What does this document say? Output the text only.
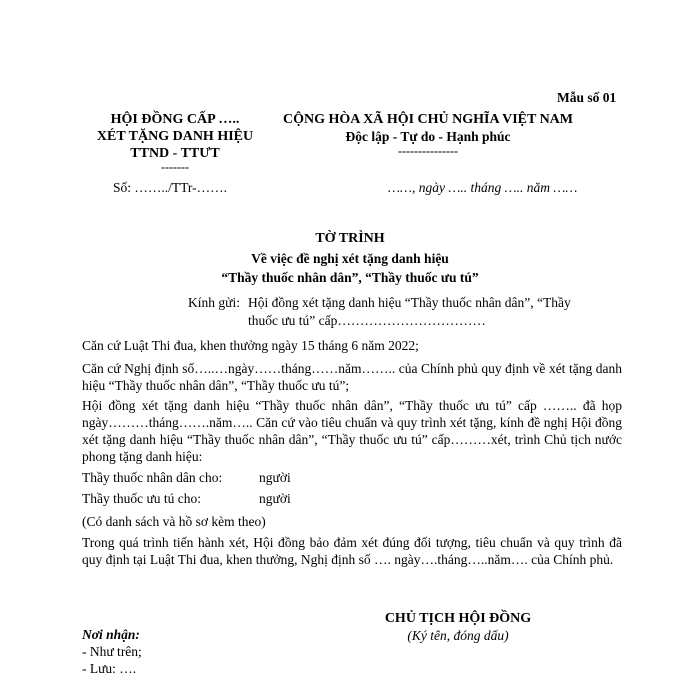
Mẫu số 01
HỘI ĐỒNG CẤP …..
XÉT TẶNG DANH HIỆU
TTND - TTƯT
-------
CỘNG HÒA XÃ HỘI CHỦ NGHĨA VIỆT NAM
Độc lập - Tự do - Hạnh phúc
---------------
Số: ……../TTr-…….	……, ngày ….. tháng ….. năm ……
TỜ TRÌNH
Về việc đề nghị xét tặng danh hiệu
“Thầy thuốc nhân dân”, “Thầy thuốc ưu tú”
Kính gửi: Hội đồng xét tặng danh hiệu “Thầy thuốc nhân dân”, “Thầy
thuốc ưu tú” cấp……………………………
Căn cứ Luật Thi đua, khen thưởng ngày 15 tháng 6 năm 2022;
Căn cứ Nghị định số…..…ngày……tháng……năm…….. của Chính phủ quy định về xét tặng danh hiệu “Thầy thuốc nhân dân”, “Thầy thuốc ưu tú”;
Hội đồng xét tặng danh hiệu “Thầy thuốc nhân dân”, “Thầy thuốc ưu tú” cấp …….. đã họp ngày………tháng…….năm….. Căn cứ vào tiêu chuẩn và quy trình xét tặng, kính đề nghị Hội đồng xét tặng danh hiệu “Thầy thuốc nhân dân”, “Thầy thuốc ưu tú” cấp………xét, trình Chủ tịch nước phong tặng danh hiệu:
Thầy thuốc nhân dân cho:	người
Thầy thuốc ưu tú cho:	người
(Có danh sách và hồ sơ kèm theo)
Trong quá trình tiến hành xét, Hội đồng bảo đảm xét đúng đối tượng, tiêu chuẩn và quy trình đã quy định tại Luật Thi đua, khen thưởng, Nghị định số …. ngày….tháng…..năm…. của Chính phủ.
CHỦ TỊCH HỘI ĐỒNG
(Ký tên, đóng dấu)
Nơi nhận:
- Như trên;
- Lưu: ….
